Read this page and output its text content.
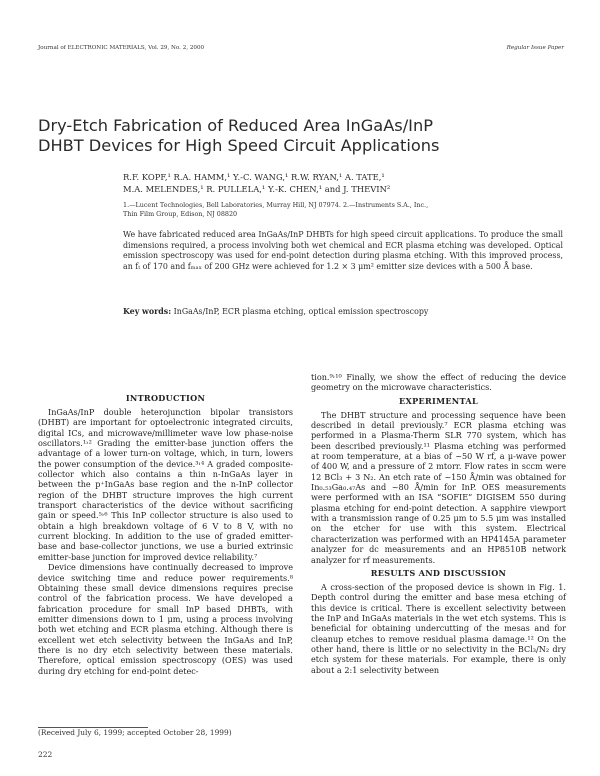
Journal of ELECTRONIC MATERIALS, Vol. 29, No. 2, 2000	Regular Issue Paper
Dry-Etch Fabrication of Reduced Area InGaAs/InP
DHBT Devices for High Speed Circuit Applications
R.F. KOPF,¹ R.A. HAMM,¹ Y.-C. WANG,¹ R.W. RYAN,¹ A. TATE,¹
M.A. MELENDES,¹ R. PULLELA,¹ Y.-K. CHEN,¹ and J. THEVIN²
1.—Lucent Technologies, Bell Laboratories, Murray Hill, NJ 07974. 2.—Instruments S.A., Inc.,
Thin Film Group, Edison, NJ 08820

We have fabricated reduced area InGaAs/InP DHBTs for high speed circuit applications. To produce the small dimensions required, a process involving both wet chemical and ECR plasma etching was developed. Optical emission spectroscopy was used for end-point detection during plasma etching. With this improved process, an fₜ of 170 and fₘₐₓ of 200 GHz were achieved for 1.2 × 3 μm² emitter size devices with a 500 Å base.

Key words: InGaAs/InP, ECR plasma etching, optical emission spectroscopy
INTRODUCTION

InGaAs/InP double heterojunction bipolar transistors (DHBT) are important for optoelectronic integrated circuits, digital ICs, and microwave/millimeter wave low phase-noise oscillators.¹˒² Grading the emitter-base junction offers the advantage of a lower turn-on voltage, which, in turn, lowers the power consumption of the device.³˒⁴ A graded composite-collector which also contains a thin n-InGaAs layer in between the p⁺InGaAs base region and the n-InP collector region of the DHBT structure improves the high current transport characteristics of the device without sacrificing gain or speed.⁵˒⁶ This InP collector structure is also used to obtain a high breakdown voltage of 6 V to 8 V, with no current blocking. In addition to the use of graded emitter-base and base-collector junctions, we use a buried extrinsic emitter-base junction for improved device reliability.⁷

Device dimensions have continually decreased to improve device switching time and reduce power requirements.⁸ Obtaining these small device dimensions requires precise control of the fabrication process. We have developed a fabrication procedure for small InP based DHBTs, with emitter dimensions down to 1 μm, using a process involving both wet etching and ECR plasma etching. Although there is excellent wet etch selectivity between the InGaAs and InP, there is no dry etch selectivity between these materials. Therefore, optical emission spectroscopy (OES) was used during dry etching for end-point detec-

tion.⁹˒¹⁰ Finally, we show the effect of reducing the device geometry on the microwave characteristics.

EXPERIMENTAL

The DHBT structure and processing sequence have been described in detail previously.⁷ ECR plasma etching was performed in a Plasma-Therm SLR 770 system, which has been described previously.¹¹ Plasma etching was performed at room temperature, at a bias of ~50 W rf, a μ-wave power of 400 W, and a pressure of 2 mtorr. Flow rates in sccm were 12 BCl₃ + 3 N₂. An etch rate of ~150 Å/min was obtained for In₀.₅₃Ga₀.₄₇As and ~80 Å/min for InP. OES measurements were performed with an ISA “SOFIE” DIGISEM 550 during plasma etching for end-point detection. A sapphire viewport with a transmission range of 0.25 μm to 5.5 μm was installed on the etcher for use with this system. Electrical characterization was performed with an HP4145A parameter analyzer for dc measurements and an HP8510B network analyzer for rf measurements.

RESULTS AND DISCUSSION

A cross-section of the proposed device is shown in Fig. 1. Depth control during the emitter and base mesa etching of this device is critical. There is excellent selectivity between the InP and InGaAs materials in the wet etch systems. This is beneficial for obtaining undercutting of the mesas and for cleanup etches to remove residual plasma damage.¹² On the other hand, there is little or no selectivity in the BCl₃/N₂ dry etch system for these materials. For example, there is only about a 2:1 selectivity between

(Received July 6, 1999; accepted October 28, 1999)
222
